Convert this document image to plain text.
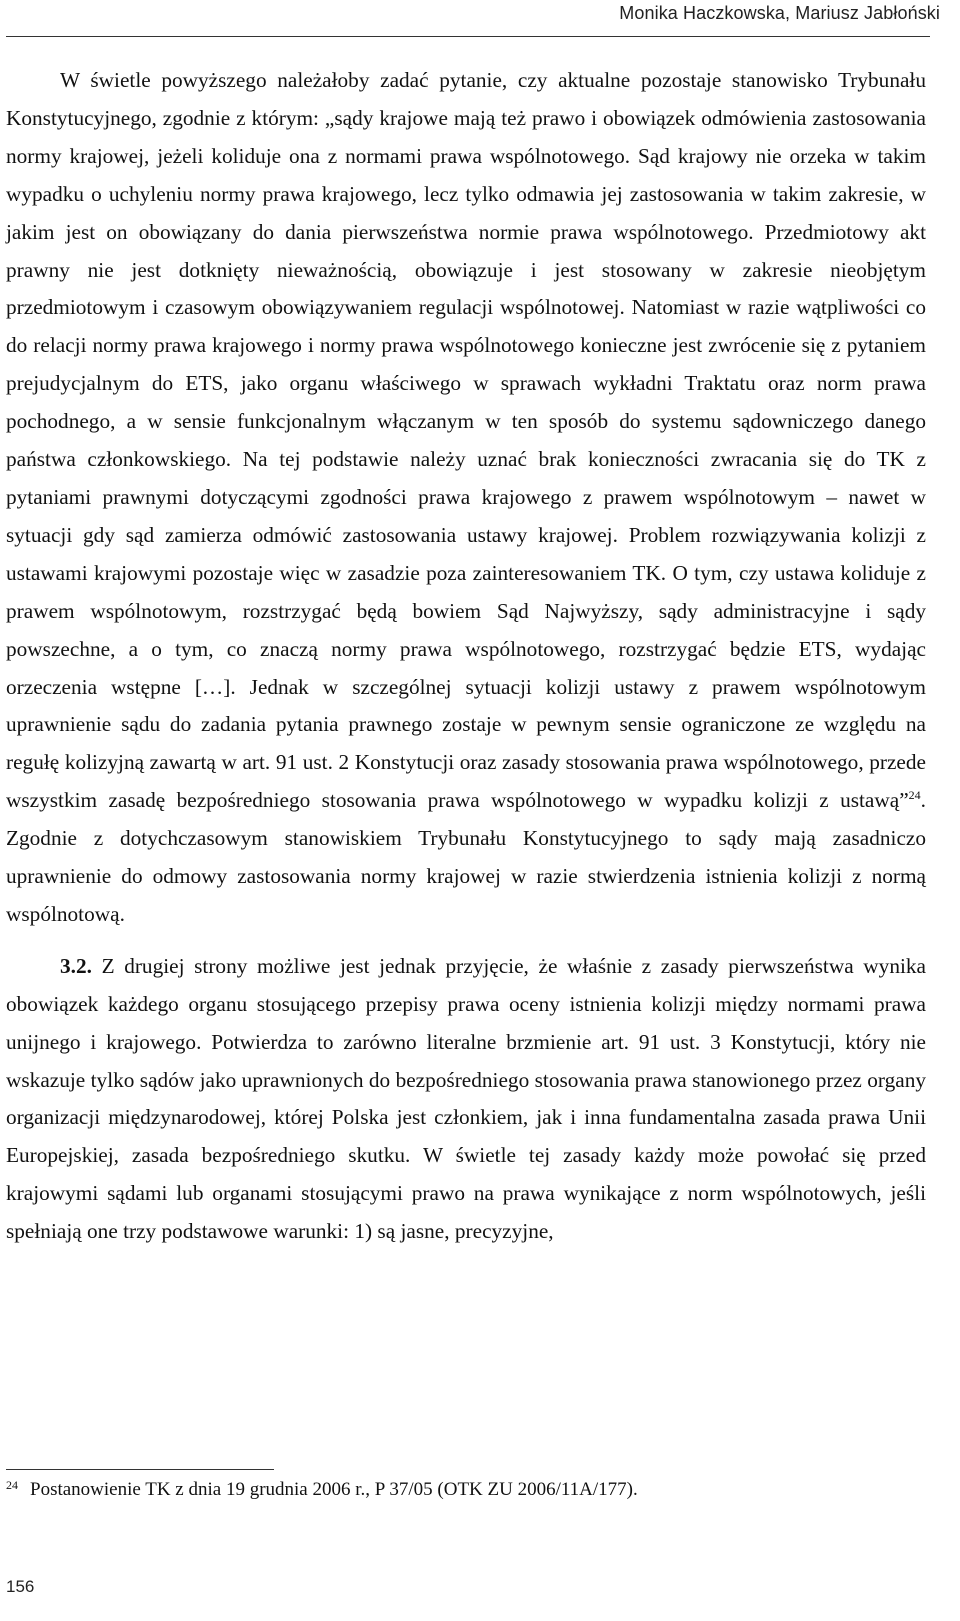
Monika Haczkowska, Mariusz Jabłoński

W świetle powyższego należałoby zadać pytanie, czy aktualne pozostaje stanowisko Trybunału Konstytucyjnego, zgodnie z którym: „sądy krajowe mają też prawo i obowiązek odmówienia zastosowania normy krajowej, jeżeli koliduje ona z normami prawa wspólnotowego. Sąd krajowy nie orzeka w takim wypadku o uchyleniu normy prawa krajowego, lecz tylko odmawia jej zastosowania w takim zakresie, w jakim jest on obowiązany do dania pierwszeństwa normie prawa wspólnotowego. Przedmiotowy akt prawny nie jest dotknięty nieważnością, obowiązuje i jest stosowany w zakresie nieobjętym przedmiotowym i czasowym obowiązywaniem regulacji wspólnotowej. Natomiast w razie wątpliwości co do relacji normy prawa krajowego i normy prawa wspólnotowego konieczne jest zwrócenie się z pytaniem prejudycjalnym do ETS, jako organu właściwego w sprawach wykładni Traktatu oraz norm prawa pochodnego, a w sensie funkcjonalnym włączanym w ten sposób do systemu sądowniczego danego państwa członkowskiego. Na tej podstawie należy uznać brak konieczności zwracania się do TK z pytaniami prawnymi dotyczącymi zgodności prawa krajowego z prawem wspólnotowym – nawet w sytuacji gdy sąd zamierza odmówić zastosowania ustawy krajowej. Problem rozwiązywania kolizji z ustawami krajowymi pozostaje więc w zasadzie poza zainteresowaniem TK. O tym, czy ustawa koliduje z prawem wspólnotowym, rozstrzygać będą bowiem Sąd Najwyższy, sądy administracyjne i sądy powszechne, a o tym, co znaczą normy prawa wspólnotowego, rozstrzygać będzie ETS, wydając orzeczenia wstępne […]. Jednak w szczególnej sytuacji kolizji ustawy z prawem wspólnotowym uprawnienie sądu do zadania pytania prawnego zostaje w pewnym sensie ograniczone ze względu na regułę kolizyjną zawartą w art. 91 ust. 2 Konstytucji oraz zasady stosowania prawa wspólnotowego, przede wszystkim zasadę bezpośredniego stosowania prawa wspólnotowego w wypadku kolizji z ustawą”$^{24}$. Zgodnie z dotychczasowym stanowiskiem Trybunału Konstytucyjnego to sądy mają zasadniczo uprawnienie do odmowy zastosowania normy krajowej w razie stwierdzenia istnienia kolizji z normą wspólnotową.

3.2. Z drugiej strony możliwe jest jednak przyjęcie, że właśnie z zasady pierwszeństwa wynika obowiązek każdego organu stosującego przepisy prawa oceny istnienia kolizji między normami prawa unijnego i krajowego. Potwierdza to zarówno literalne brzmienie art. 91 ust. 3 Konstytucji, który nie wskazuje tylko sądów jako uprawnionych do bezpośredniego stosowania prawa stanowionego przez organy organizacji międzynarodowej, której Polska jest członkiem, jak i inna fundamentalna zasada prawa Unii Europejskiej, zasada bezpośredniego skutku. W świetle tej zasady każdy może powołać się przed krajowymi sądami lub organami stosującymi prawo na prawa wynikające z norm wspólnotowych, jeśli spełniają one trzy podstawowe warunki: 1) są jasne, precyzyjne,

24 Postanowienie TK z dnia 19 grudnia 2006 r., P 37/05 (OTK ZU 2006/11A/177).
156
